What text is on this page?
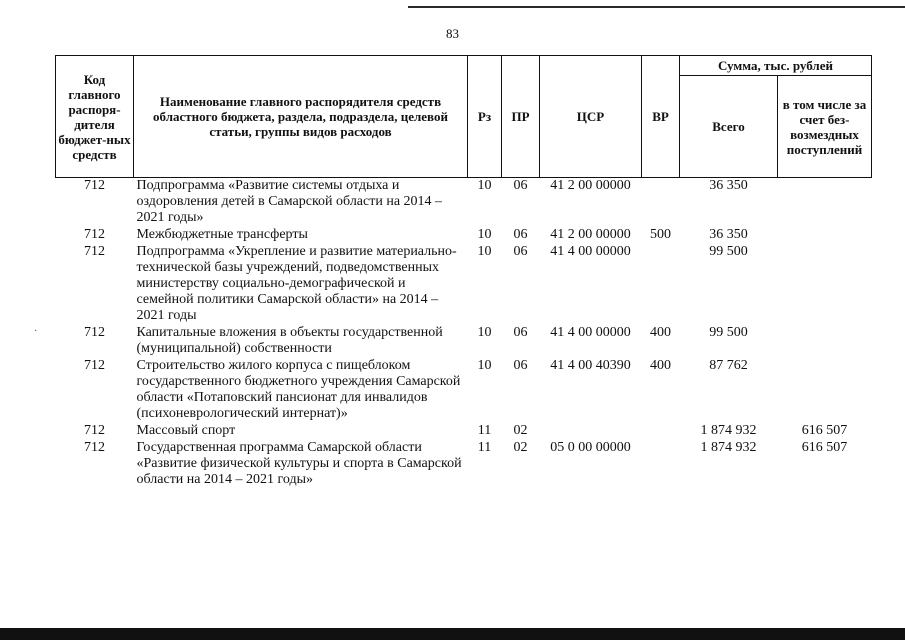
83
·
Код главного распоря-дителя бюджет-ных средств	Наименование главного распорядителя средств областного бюджета, раздела, подраздела, целевой статьи, группы видов расходов	Рз	ПР	ЦСР	ВР	Сумма, тыс. рублей	
						Всего	в том числе за счет без-возмездных поступлений
712	Подпрограмма «Развитие системы отдыха и оздоровления детей в Самарской области на 2014 – 2021 годы»	10	06	41 2 00 00000		36 350	
712	Межбюджетные трансферты	10	06	41 2 00 00000	500	36 350	
712	Подпрограмма «Укрепление и развитие материально-технической базы учреждений, подведомственных министерству социально-демографической и семейной политики Самарской области» на 2014 – 2021 годы	10	06	41 4 00 00000		99 500	
712	Капитальные вложения в объекты государственной (муниципальной) собственности	10	06	41 4 00 00000	400	99 500	
712	Строительство жилого корпуса с пищеблоком государственного бюджетного учреждения Самарской области «Потаповский пансионат для инвалидов (психоневрологический интернат)»	10	06	41 4 00 40390	400	87 762	
712	Массовый спорт	11	02			1 874 932	616 507
712	Государственная программа Самарской области «Развитие физической культуры и спорта в Самарской области на 2014 – 2021 годы»	11	02	05 0 00 00000		1 874 932	616 507
